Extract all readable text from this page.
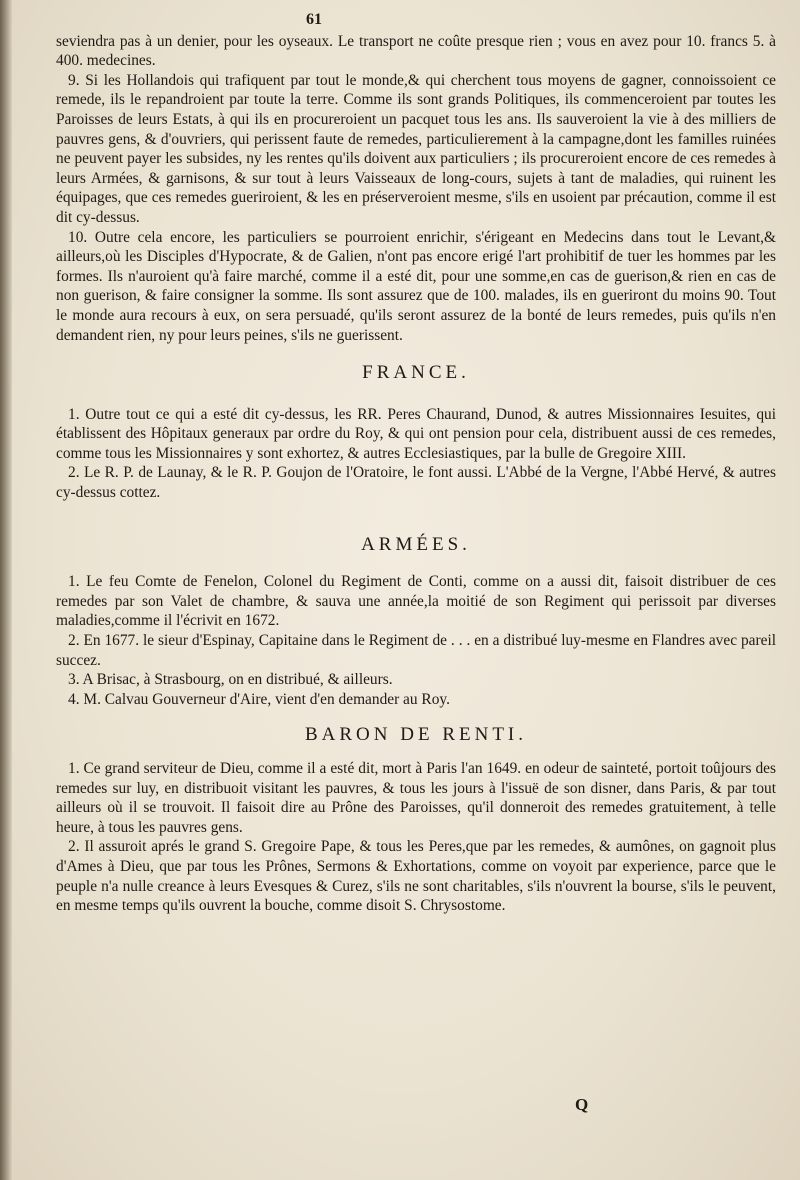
61

seviendra pas à un denier, pour les oyseaux. Le transport ne coûte presque rien ; vous en avez pour 10. francs 5. à 400. medecines.

9. Si les Hollandois qui trafiquent par tout le monde,& qui cherchent tous moyens de gagner, connoissoient ce remede, ils le repandroient par toute la terre. Comme ils sont grands Politiques, ils commenceroient par toutes les Paroisses de leurs Estats, à qui ils en procureroient un pacquet tous les ans. Ils sauveroient la vie à des milliers de pauvres gens, & d'ouvriers, qui perissent faute de remedes, particulierement à la campagne,dont les familles ruinées ne peuvent payer les subsides, ny les rentes qu'ils doivent aux particuliers ; ils procureroient encore de ces remedes à leurs Armées, & garnisons, & sur tout à leurs Vaisseaux de long-cours, sujets à tant de maladies, qui ruinent les équipages, que ces remedes gueriroient, & les en préserveroient mesme, s'ils en usoient par précaution, comme il est dit cy-dessus.

10. Outre cela encore, les particuliers se pourroient enrichir, s'érigeant en Medecins dans tout le Levant,& ailleurs,où les Disciples d'Hypocrate, & de Galien, n'ont pas encore erigé l'art prohibitif de tuer les hommes par les formes. Ils n'auroient qu'à faire marché, comme il a esté dit, pour une somme,en cas de guerison,& rien en cas de non guerison, & faire consigner la somme. Ils sont assurez que de 100. malades, ils en gueriront du moins 90. Tout le monde aura recours à eux, on sera persuadé, qu'ils seront assurez de la bonté de leurs remedes, puis qu'ils n'en demandent rien, ny pour leurs peines, s'ils ne guerissent.

FRANCE.

1. Outre tout ce qui a esté dit cy-dessus, les RR. Peres Chaurand, Dunod, & autres Missionnaires Iesuites, qui établissent des Hôpitaux generaux par ordre du Roy, & qui ont pension pour cela, distribuent aussi de ces remedes, comme tous les Missionnaires y sont exhortez, & autres Ecclesiastiques, par la bulle de Gregoire XIII.

2. Le R. P. de Launay, & le R. P. Goujon de l'Oratoire, le font aussi. L'Abbé de la Vergne, l'Abbé Hervé, & autres cy-dessus cottez.

ARMÉES.

1. Le feu Comte de Fenelon, Colonel du Regiment de Conti, comme on a aussi dit, faisoit distribuer de ces remedes par son Valet de chambre, & sauva une année,la moitié de son Regiment qui perissoit par diverses maladies,comme il l'écrivit en 1672.

2. En 1677. le sieur d'Espinay, Capitaine dans le Regiment de . . . en a distribué luy-mesme en Flandres avec pareil succez.

3. A Brisac, à Strasbourg, on en distribué, & ailleurs.

4. M. Calvau Gouverneur d'Aire, vient d'en demander au Roy.

BARON DE RENTI.

1. Ce grand serviteur de Dieu, comme il a esté dit, mort à Paris l'an 1649. en odeur de sainteté, portoit toûjours des remedes sur luy, en distribuoit visitant les pauvres, & tous les jours à l'issuë de son disner, dans Paris, & par tout ailleurs où il se trouvoit. Il faisoit dire au Prône des Paroisses, qu'il donneroit des remedes gratuitement, à telle heure, à tous les pauvres gens.

2. Il assuroit aprés le grand S. Gregoire Pape, & tous les Peres,que par les remedes, & aumônes, on gagnoit plus d'Ames à Dieu, que par tous les Prônes, Sermons & Exhortations, comme on voyoit par experience, parce que le peuple n'a nulle creance à leurs Evesques & Curez, s'ils ne sont charitables, s'ils n'ouvrent la bourse, s'ils le peuvent, en mesme temps qu'ils ouvrent la bouche, comme disoit S. Chrysostome.

Q
